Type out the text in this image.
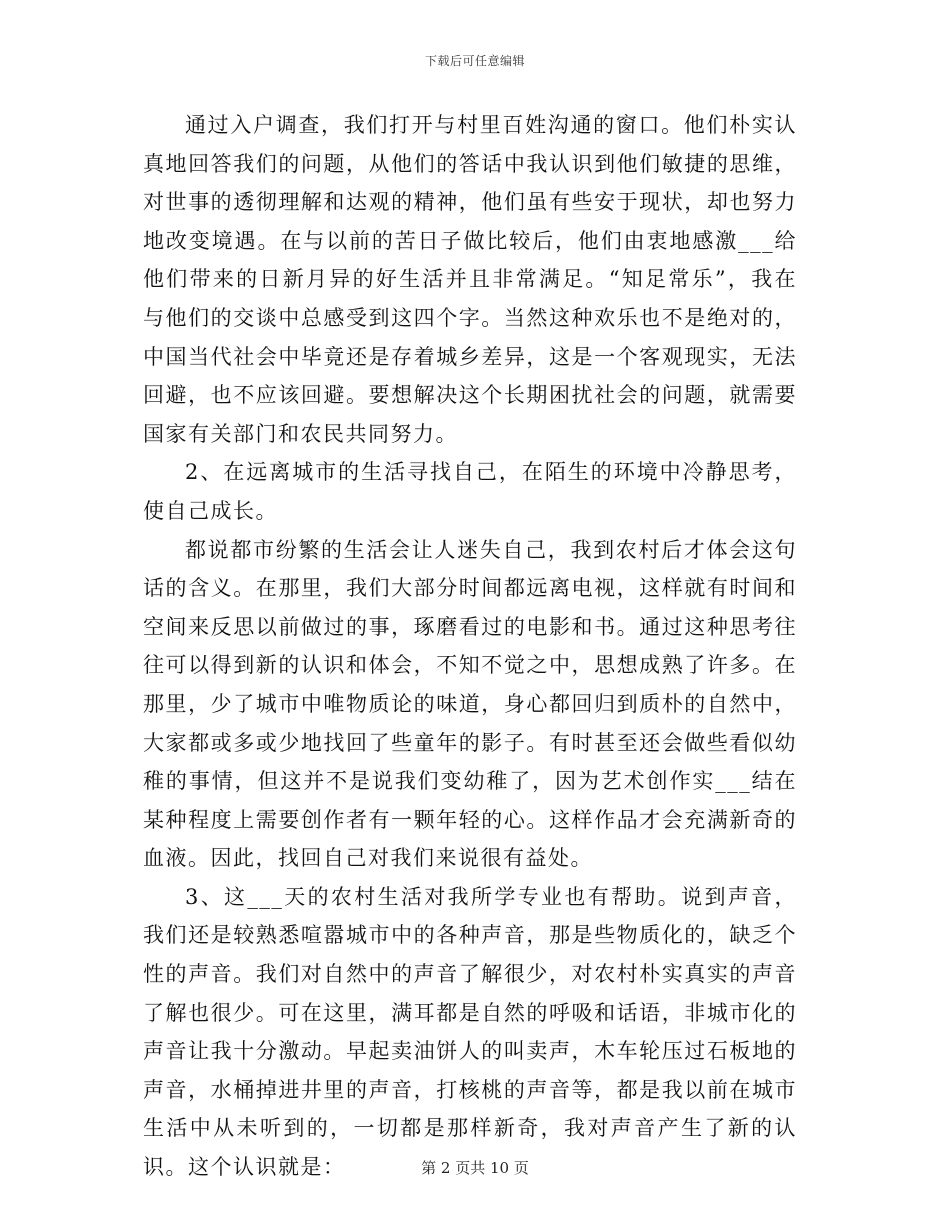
下载后可任意编辑

通过入户调查，我们打开与村里百姓沟通的窗口。他们朴实认真地回答我们的问题，从他们的答话中我认识到他们敏捷的思维，对世事的透彻理解和达观的精神，他们虽有些安于现状，却也努力地改变境遇。在与以前的苦日子做比较后，他们由衷地感激___给他们带来的日新月异的好生活并且非常满足。“知足常乐”，我在与他们的交谈中总感受到这四个字。当然这种欢乐也不是绝对的，中国当代社会中毕竟还是存着城乡差异，这是一个客观现实，无法回避，也不应该回避。要想解决这个长期困扰社会的问题，就需要国家有关部门和农民共同努力。

2、在远离城市的生活寻找自己，在陌生的环境中冷静思考，使自己成长。

都说都市纷繁的生活会让人迷失自己，我到农村后才体会这句话的含义。在那里，我们大部分时间都远离电视，这样就有时间和空间来反思以前做过的事，琢磨看过的电影和书。通过这种思考往往可以得到新的认识和体会，不知不觉之中，思想成熟了许多。在那里，少了城市中唯物质论的味道，身心都回归到质朴的自然中，大家都或多或少地找回了些童年的影子。有时甚至还会做些看似幼稚的事情，但这并不是说我们变幼稚了，因为艺术创作实___结在某种程度上需要创作者有一颗年轻的心。这样作品才会充满新奇的血液。因此，找回自己对我们来说很有益处。

3、这___天的农村生活对我所学专业也有帮助。说到声音，我们还是较熟悉喧嚣城市中的各种声音，那是些物质化的，缺乏个性的声音。我们对自然中的声音了解很少，对农村朴实真实的声音了解也很少。可在这里，满耳都是自然的呼吸和话语，非城市化的声音让我十分激动。早起卖油饼人的叫卖声，木车轮压过石板地的声音，水桶掉进井里的声音，打核桃的声音等，都是我以前在城市生活中从未听到的，一切都是那样新奇，我对声音产生了新的认识。这个认识就是：	第 2 页共 10 页
